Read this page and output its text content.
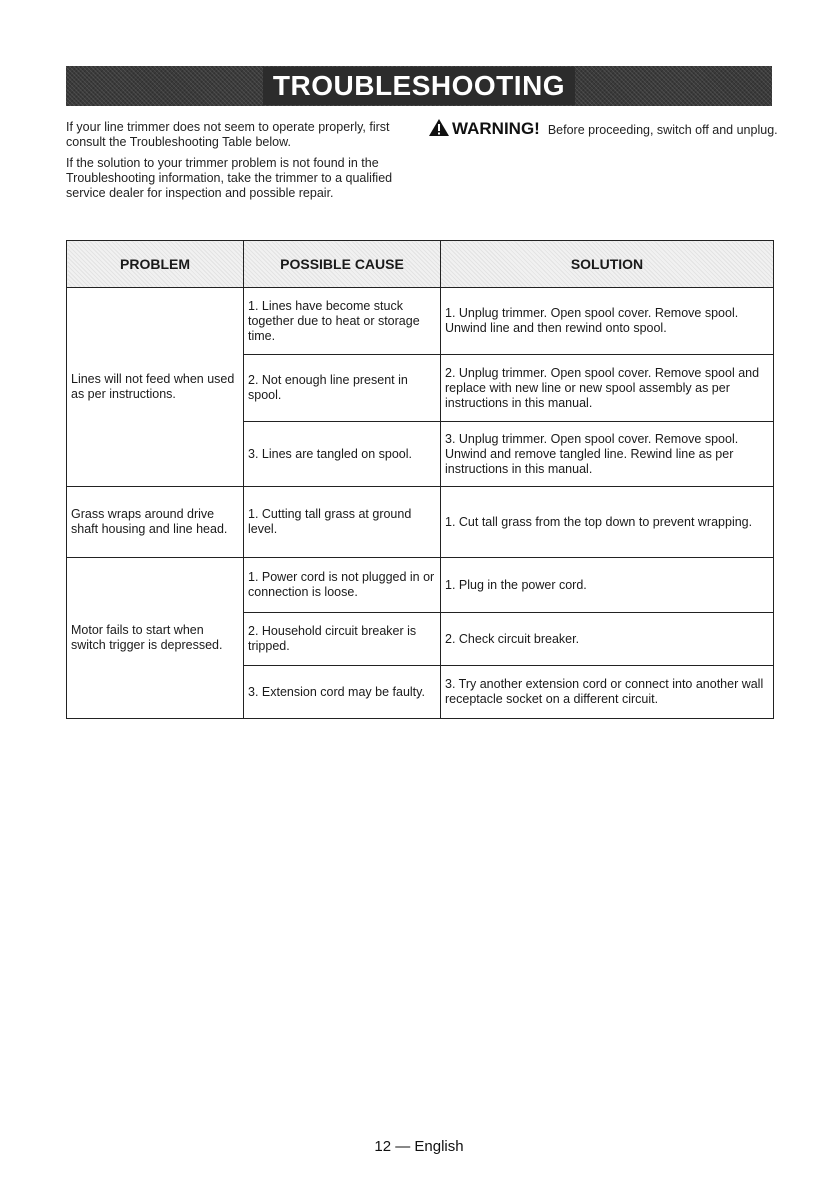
TROUBLESHOOTING

If your line trimmer does not seem to operate properly, first consult the Troubleshooting Table below.

If the solution to your trimmer problem is not found in the Troubleshooting information, take the trimmer to a qualified service dealer for inspection and possible repair.

WARNING! Before proceeding, switch off and unplug.
PROBLEM	POSSIBLE CAUSE	SOLUTION
Lines will not feed when used as per instructions.	1. Lines have become stuck together due to heat or storage time.	1. Unplug trimmer. Open spool cover. Remove spool. Unwind line and then rewind onto spool.
	2. Not enough line present in spool.	2. Unplug trimmer. Open spool cover. Remove spool and replace with new line or new spool assembly as per instructions in this manual.
	3. Lines are tangled on spool.	3. Unplug trimmer. Open spool cover. Remove spool. Unwind and remove tangled line. Rewind line as per instructions in this manual.
Grass wraps around drive shaft housing and line head.	1. Cutting tall grass at ground level.	1. Cut tall grass from the top down to prevent wrapping.
Motor fails to start when switch trigger is depressed.	1. Power cord is not plugged in or connection is loose.	1. Plug in the power cord.
	2. Household circuit breaker is tripped.	2. Check circuit breaker.
	3. Extension cord may be faulty.	3. Try another extension cord or connect into another wall receptacle socket on a different circuit.
12 — English
